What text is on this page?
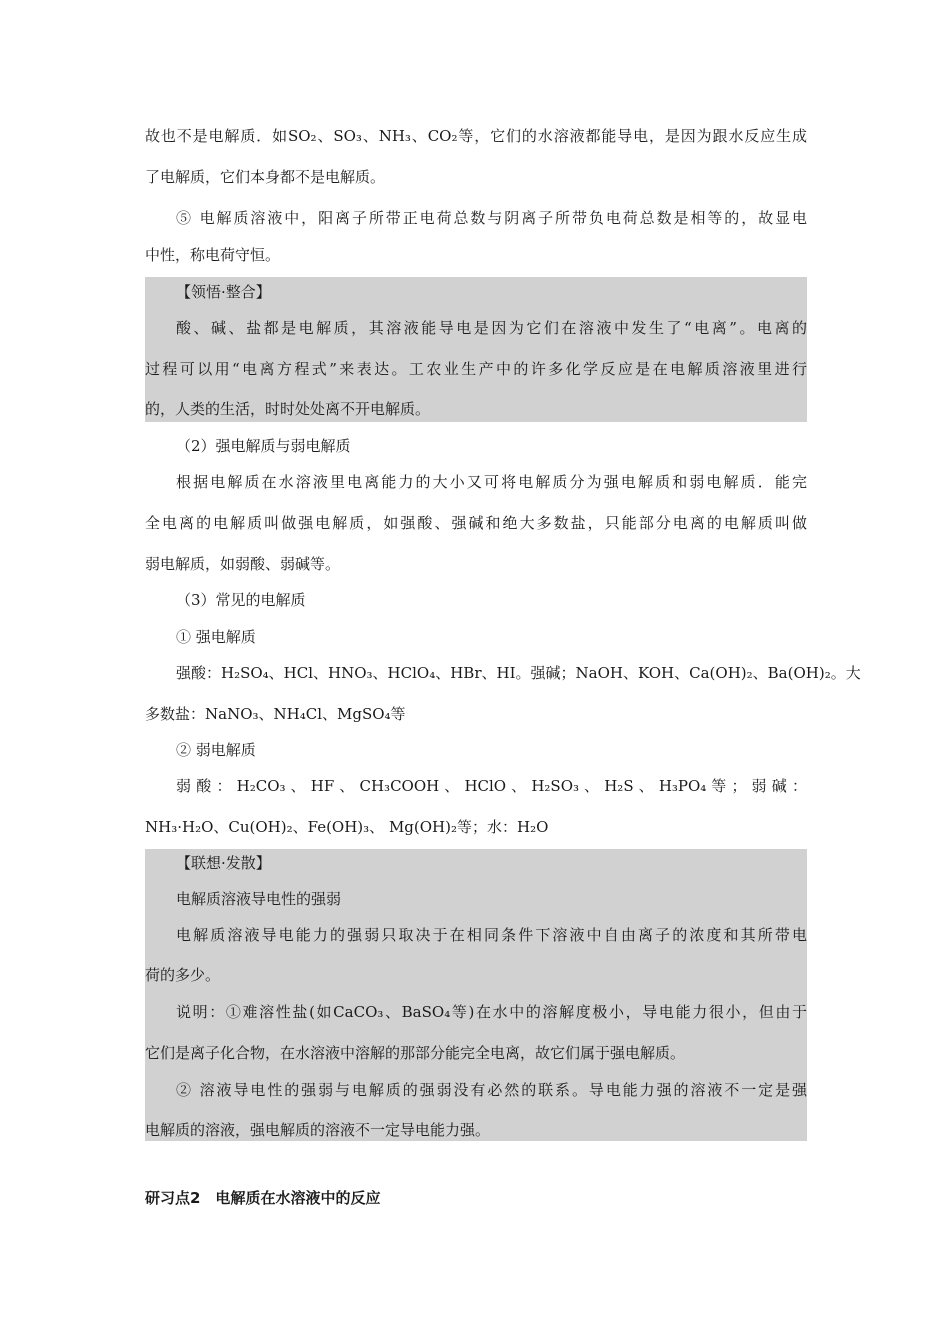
故也不是电解质．如SO₂、SO₃、NH₃、CO₂等，它们的水溶液都能导电，是因为跟水反应生成
了电解质，它们本身都不是电解质。
⑤ 电解质溶液中，阳离子所带正电荷总数与阴离子所带负电荷总数是相等的，故显电
中性，称电荷守恒。
【领悟·整合】
酸、碱、盐都是电解质，其溶液能导电是因为它们在溶液中发生了“电离”。电离的
过程可以用“电离方程式”来表达。工农业生产中的许多化学反应是在电解质溶液里进行
的，人类的生活，时时处处离不开电解质。
（2）强电解质与弱电解质
根据电解质在水溶液里电离能力的大小又可将电解质分为强电解质和弱电解质．能完
全电离的电解质叫做强电解质，如强酸、强碱和绝大多数盐，只能部分电离的电解质叫做
弱电解质，如弱酸、弱碱等。
（3）常见的电解质
① 强电解质
强酸：H₂SO₄、HCl、HNO₃、HClO₄、HBr、HI。强碱；NaOH、KOH、Ca(OH)₂、Ba(OH)₂。大
多数盐：NaNO₃、NH₄Cl、MgSO₄等
② 弱电解质
弱 酸 ： H₂CO₃ 、 HF 、 CH₃COOH 、 HClO 、 H₂SO₃ 、 H₂S 、 H₃PO₄ 等 ； 弱 碱 ：
NH₃·H₂O、Cu(OH)₂、Fe(OH)₃、 Mg(OH)₂等；水：H₂O
【联想·发散】
电解质溶液导电性的强弱
电解质溶液导电能力的强弱只取决于在相同条件下溶液中自由离子的浓度和其所带电
荷的多少。
说明：①难溶性盐(如CaCO₃、BaSO₄等)在水中的溶解度极小，导电能力很小，但由于
它们是离子化合物，在水溶液中溶解的那部分能完全电离，故它们属于强电解质。
② 溶液导电性的强弱与电解质的强弱没有必然的联系。导电能力强的溶液不一定是强
电解质的溶液，强电解质的溶液不一定导电能力强。
研习点2　电解质在水溶液中的反应
